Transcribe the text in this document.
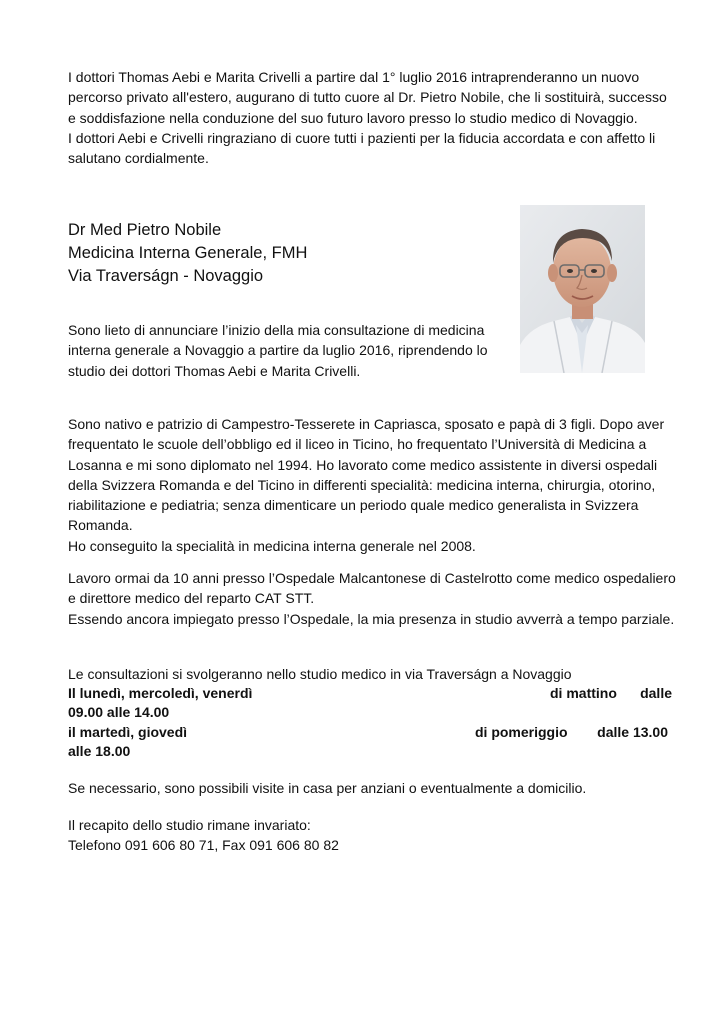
I dottori Thomas Aebi e Marita Crivelli a partire dal 1° luglio 2016 intraprenderanno un nuovo percorso privato all'estero, augurano di tutto cuore al Dr. Pietro Nobile, che li sostituirà, successo e soddisfazione nella conduzione del suo futuro lavoro presso lo studio medico di Novaggio.
I dottori Aebi e Crivelli ringraziano di cuore tutti i pazienti per la fiducia accordata e con affetto li salutano cordialmente.

Dr Med Pietro Nobile
Medicina Interna Generale, FMH
Via Traverságn - Novaggio

Sono lieto di annunciare l’inizio della mia consultazione di medicina interna generale a Novaggio a partire da luglio 2016, riprendendo lo studio dei dottori Thomas Aebi e Marita Crivelli.

Sono nativo e patrizio di Campestro-Tesserete in Capriasca, sposato e papà di 3 figli. Dopo aver frequentato le scuole dell’obbligo ed il liceo in Ticino, ho frequentato l’Università di Medicina a Losanna e mi sono diplomato nel 1994. Ho lavorato come medico assistente in diversi ospedali della Svizzera Romanda e del Ticino in differenti specialità: medicina interna, chirurgia, otorino, riabilitazione e pediatria; senza dimenticare un periodo quale medico generalista in Svizzera Romanda.
Ho conseguito la specialità in medicina interna generale nel 2008.

Lavoro ormai da 10 anni presso l’Ospedale Malcantonese di Castelrotto come medico ospedaliero e direttore medico del reparto CAT STT.
Essendo ancora impiegato presso l’Ospedale, la mia presenza in studio avverrà a tempo parziale.

Le consultazioni si svolgeranno nello studio medico in via Traverságn a Novaggio

Il lunedì, mercoledì, venerdì	di mattino dalle
09.00 alle 14.00
il martedì, giovedì	di pomeriggio dalle 13.00
alle 18.00

Se necessario, sono possibili visite in casa per anziani o eventualmente a domicilio.

Il recapito dello studio rimane invariato:
Telefono 091 606 80 71, Fax 091 606 80 82
